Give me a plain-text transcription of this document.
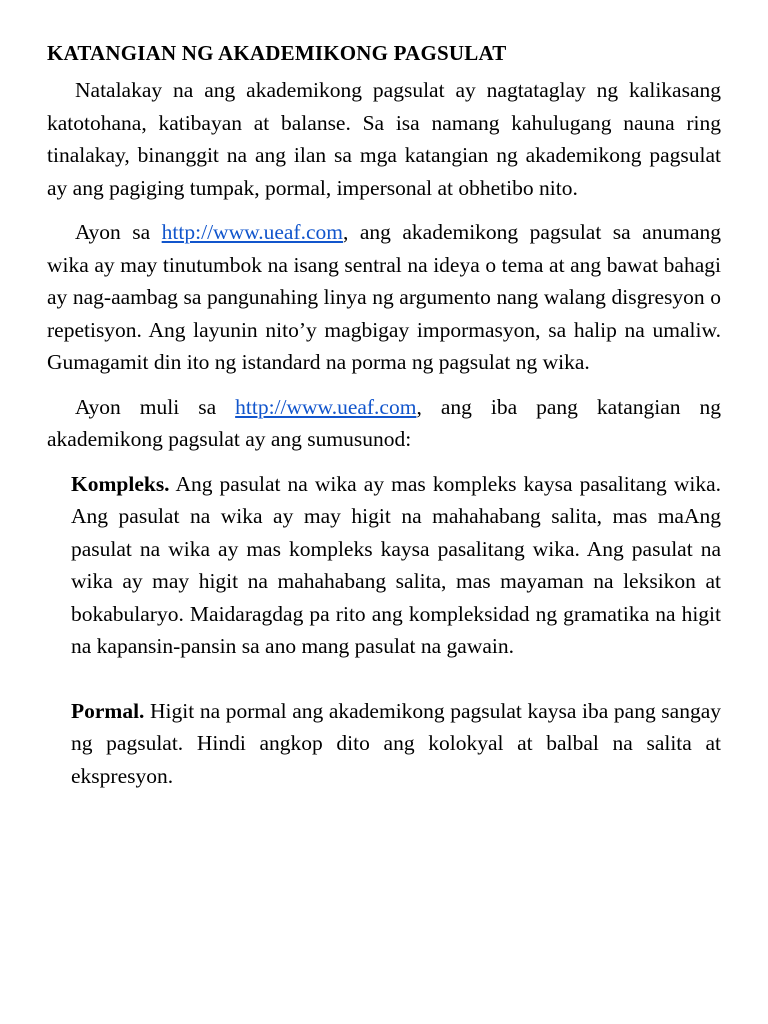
KATANGIAN NG AKADEMIKONG PAGSULAT

Natalakay na ang akademikong pagsulat ay nagtataglay ng kalikasang katotohana, katibayan at balanse. Sa isa namang kahulugang nauna ring tinalakay, binanggit na ang ilan sa mga katangian ng akademikong pagsulat ay ang pagiging tumpak, pormal, impersonal at obhetibo nito.

Ayon sa http://www.ueaf.com, ang akademikong pagsulat sa anumang wika ay may tinutumbok na isang sentral na ideya o tema at ang bawat bahagi ay nag-aambag sa pangunahing linya ng argumento nang walang disgresyon o repetisyon. Ang layunin nito’y magbigay impormasyon, sa halip na umaliw. Gumagamit din ito ng istandard na porma ng pagsulat ng wika.

Ayon muli sa http://www.ueaf.com, ang iba pang katangian ng akademikong pagsulat ay ang sumusunod:

Kompleks. Ang pasulat na wika ay mas kompleks kaysa pasalitang wika. Ang pasulat na wika ay may higit na mahahabang salita, mas maAng pasulat na wika ay mas kompleks kaysa pasalitang wika. Ang pasulat na wika ay may higit na mahahabang salita, mas mayaman na leksikon at bokabularyo. Maidaragdag pa rito ang kompleksidad ng gramatika na higit na kapansin-pansin sa ano mang pasulat na gawain.

Pormal. Higit na pormal ang akademikong pagsulat kaysa iba pang sangay ng pagsulat. Hindi angkop dito ang kolokyal at balbal na salita at ekspresyon.
